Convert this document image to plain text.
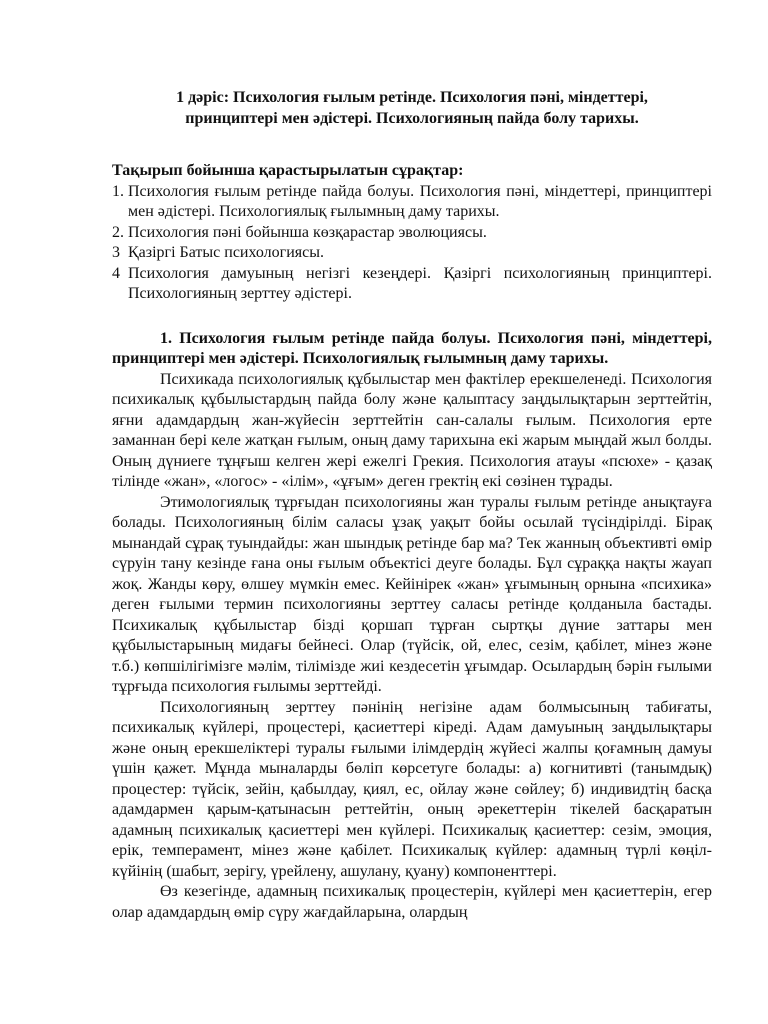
1 дәріс: Психология ғылым ретінде. Психология пәні, міндеттері, принциптері мен әдістері. Психологияның пайда болу тарихы.

Тақырып бойынша қарастырылатын сұрақтар:

1. Психология ғылым ретінде пайда болуы. Психология пәні, міндеттері, принциптері мен әдістері. Психологиялық ғылымның даму тарихы.
2. Психология пәні бойынша көзқарастар эволюциясы.
3 Қазіргі Батыс психологиясы.
4 Психология дамуының негізгі кезеңдері. Қазіргі психологияның принциптері. Психологияның зерттеу әдістері.

1. Психология ғылым ретінде пайда болуы. Психология пәні, міндеттері, принциптері мен әдістері. Психологиялық ғылымның даму тарихы.

Психикада психологиялық құбылыстар мен фактілер ерекшеленеді. Психология психикалық құбылыстардың пайда болу және қалыптасу заңдылықтарын зерттейтін, яғни адамдардың жан-жүйесін зерттейтін сан-салалы ғылым. Психология ерте заманнан бері келе жатқан ғылым, оның даму тарихына екі жарым мыңдай жыл болды. Оның дүниеге тұңғыш келген жері ежелгі Грекия. Психология атауы «псюхе» - қазақ тілінде «жан», «логос» - «ілім», «ұғым» деген гректің екі сөзінен тұрады.

Этимологиялық тұрғыдан психологияны жан туралы ғылым ретінде анықтауға болады. Психологияның білім саласы ұзақ уақыт бойы осылай түсіндірілді. Бірақ мынандай сұрақ туындайды: жан шындық ретінде бар ма? Тек жанның объективті өмір сүруін тану кезінде ғана оны ғылым объектісі деуге болады. Бұл сұраққа нақты жауап жоқ. Жанды көру, өлшеу мүмкін емес. Кейінірек «жан» ұғымының орнына «психика» деген ғылыми термин психологияны зерттеу саласы ретінде қолданыла бастады. Психикалық құбылыстар бізді қоршап тұрған сыртқы дүние заттары мен құбылыстарының мидағы бейнесі. Олар (түйсік, ой, елес, сезім, қабілет, мінез және т.б.) көпшілігімізге мәлім, тілімізде жиі кездесетін ұғымдар. Осылардың бәрін ғылыми тұрғыда психология ғылымы зерттейді.

Психологияның зерттеу пәнінің негізіне адам болмысының табиғаты, психикалық күйлері, процестері, қасиеттері кіреді. Адам дамуының заңдылықтары және оның ерекшеліктері туралы ғылыми ілімдердің жүйесі жалпы қоғамның дамуы үшін қажет. Мұнда мыналарды бөліп көрсетуге болады: а) когнитивті (танымдық) процестер: түйсік, зейін, қабылдау, қиял, ес, ойлау және сөйлеу; б) индивидтің басқа адамдармен қарым-қатынасын реттейтін, оның әрекеттерін тікелей басқаратын адамның психикалық қасиеттері мен күйлері. Психикалық қасиеттер: сезім, эмоция, ерік, темперамент, мінез және қабілет. Психикалық күйлер: адамның түрлі көңіл-күйінің (шабыт, зерігу, үрейлену, ашулану, қуану) компоненттері.

Өз кезегінде, адамның психикалық процестерін, күйлері мен қасиеттерін, егер олар адамдардың өмір сүру жағдайларына, олардың
